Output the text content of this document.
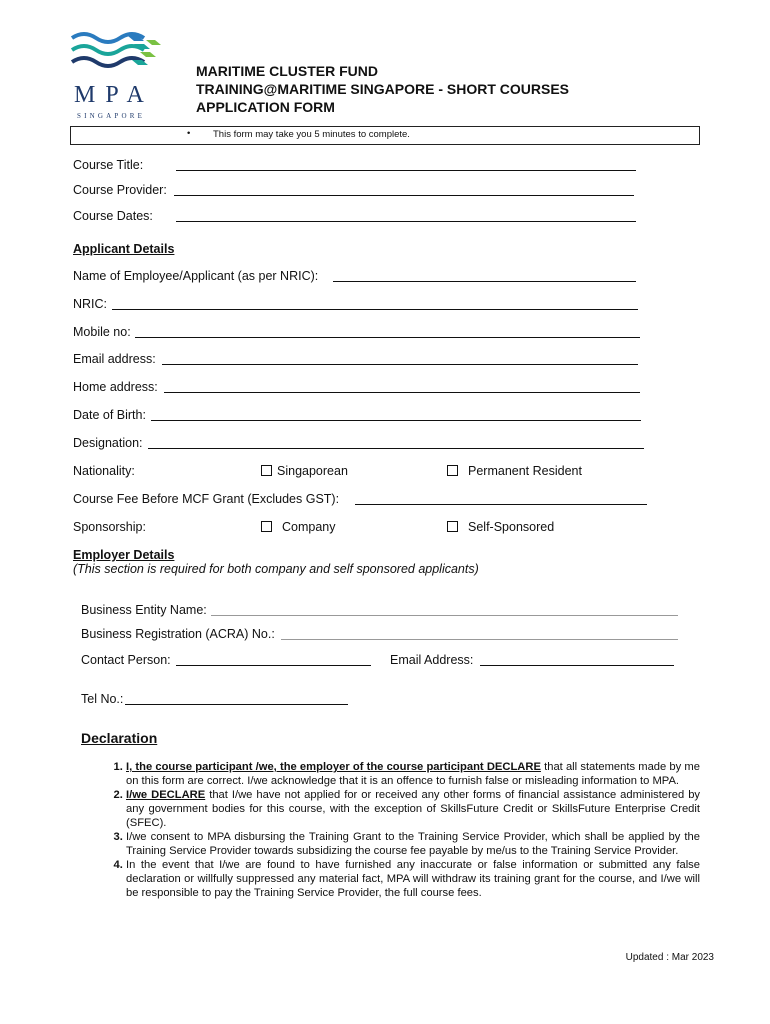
MPA
SINGAPORE
MARITIME CLUSTER FUND
TRAINING@MARITIME SINGAPORE - SHORT COURSES
APPLICATION FORM
• This form may take you 5 minutes to complete.
Course Title:
Course Provider:
Course Dates:
Applicant Details
Name of Employee/Applicant (as per NRIC):
NRIC:
Mobile no:
Email address:
Home address:
Date of Birth:
Designation:
Nationality:	Singaporean	Permanent Resident
Course Fee Before MCF Grant (Excludes GST):
Sponsorship:	Company	Self-Sponsored
Employer Details
(This section is required for both company and self sponsored applicants)
Business Entity Name:
Business Registration (ACRA) No.:
Contact Person:	Email Address:
Tel No.:
Declaration
1. I, the course participant /we, the employer of the course participant DECLARE that all statements made by me on this form are correct. I/we acknowledge that it is an offence to furnish false or misleading information to MPA.
2. I/we DECLARE that I/we have not applied for or received any other forms of financial assistance administered by any government bodies for this course, with the exception of SkillsFuture Credit or SkillsFuture Enterprise Credit (SFEC).
3. I/we consent to MPA disbursing the Training Grant to the Training Service Provider, which shall be applied by the Training Service Provider towards subsidizing the course fee payable by me/us to the Training Service Provider.
4. In the event that I/we are found to have furnished any inaccurate or false information or submitted any false declaration or willfully suppressed any material fact, MPA will withdraw its training grant for the course, and I/we will be responsible to pay the Training Service Provider, the full course fees.
Updated : Mar 2023
